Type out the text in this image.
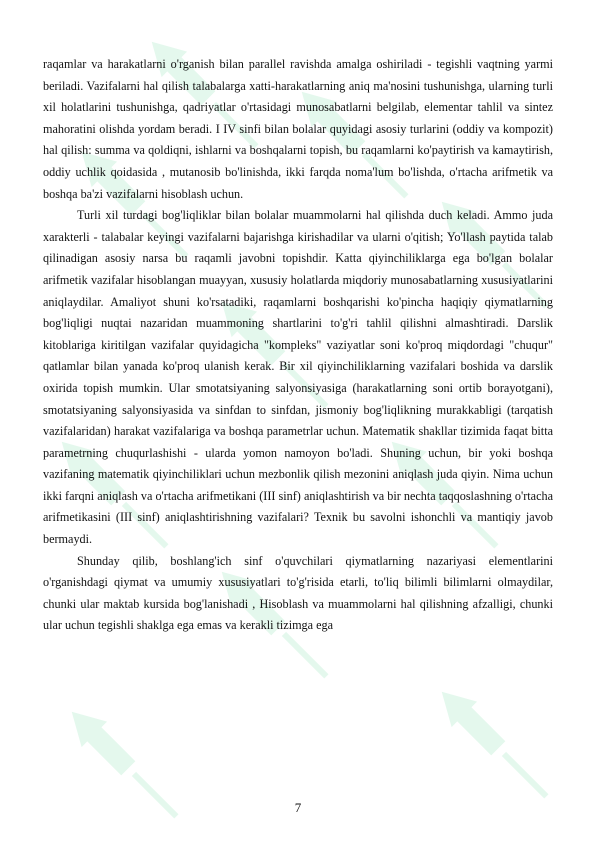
raqamlar va harakatlarni o'rganish bilan parallel ravishda amalga oshiriladi - tegishli vaqtning yarmi beriladi. Vazifalarni hal qilish talabalarga xatti-harakatlarning aniq ma'nosini tushunishga, ularning turli xil holatlarini tushunishga, qadriyatlar o'rtasidagi munosabatlarni belgilab, elementar tahlil va sintez mahoratini olishda yordam beradi. I IV sinfi bilan bolalar quyidagi asosiy turlarini (oddiy va kompozit) hal qilish: summa va qoldiqni, ishlarni va boshqalarni topish, bu raqamlarni ko'paytirish va kamaytirish, oddiy uchlik qoidasida , mutanosib bo'linishda, ikki farqda noma'lum bo'lishda, o'rtacha arifmetik va boshqa ba'zi vazifalarni hisoblash uchun.

Turli xil turdagi bog'liqliklar bilan bolalar muammolarni hal qilishda duch keladi. Ammo juda xarakterli - talabalar keyingi vazifalarni bajarishga kirishadilar va ularni o'qitish; Yo'llash paytida talab qilinadigan asosiy narsa bu raqamli javobni topishdir. Katta qiyinchiliklarga ega bo'lgan bolalar arifmetik vazifalar hisoblangan muayyan, xususiy holatlarda miqdoriy munosabatlarning xususiyatlarini aniqlaydilar. Amaliyot shuni ko'rsatadiki, raqamlarni boshqarishi ko'pincha haqiqiy qiymatlarning bog'liqligi nuqtai nazaridan muammoning shartlarini to'g'ri tahlil qilishni almashtiradi. Darslik kitoblariga kiritilgan vazifalar quyidagicha "kompleks" vaziyatlar soni ko'proq miqdordagi "chuqur" qatlamlar bilan yanada ko'proq ulanish kerak. Bir xil qiyinchiliklarning vazifalari boshida va darslik oxirida topish mumkin. Ular smotatsiyaning salyonsiyasiga (harakatlarning soni ortib borayotgani), smotatsiyaning salyonsiyasida va sinfdan to sinfdan, jismoniy bog'liqlikning murakkabligi (tarqatish vazifalaridan) harakat vazifalariga va boshqa parametrlar uchun. Matematik shakllar tizimida faqat bitta parametrning chuqurlashishi - ularda yomon namoyon bo'ladi. Shuning uchun, bir yoki boshqa vazifaning matematik qiyinchiliklari uchun mezbonlik qilish mezonini aniqlash juda qiyin. Nima uchun ikki farqni aniqlash va o'rtacha arifmetikani (III sinf) aniqlashtirish va bir nechta taqqoslashning o'rtacha arifmetikasini (III sinf) aniqlashtirishning vazifalari? Texnik bu savolni ishonchli va mantiqiy javob bermaydi.

Shunday qilib, boshlang'ich sinf o'quvchilari qiymatlarning nazariyasi elementlarini o'rganishdagi qiymat va umumiy xususiyatlari to'g'risida etarli, to'liq bilimli bilimlarni olmaydilar, chunki ular maktab kursida bog'lanishadi , Hisoblash va muammolarni hal qilishning afzalligi, chunki ular uchun tegishli shaklga ega emas va kerakli tizimga ega

7
